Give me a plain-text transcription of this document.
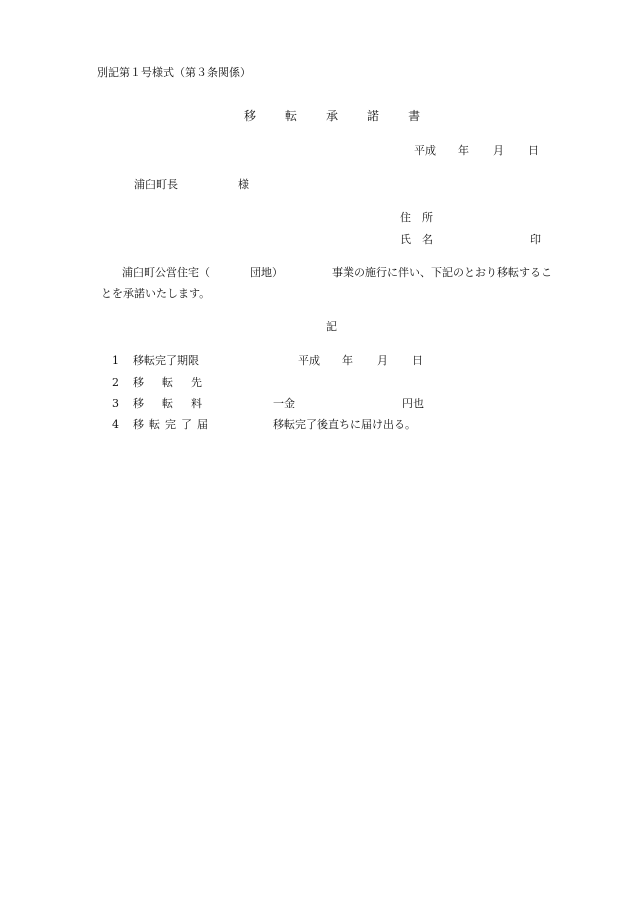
別記第１号様式（第３条関係）
移 転 承 諾 書
平成 年 月 日
浦臼町長	様
住 所
氏 名	印
浦臼町公営住宅（	団地）	事業の施行に伴い、下記のとおり移転するこ
とを承諾いたします。
記
1 移転完了期限	平成 年 月 日
2 移 転 先
3 移 転 料	一金	円也
4 移 転 完 了 届	移転完了後直ちに届け出る。
